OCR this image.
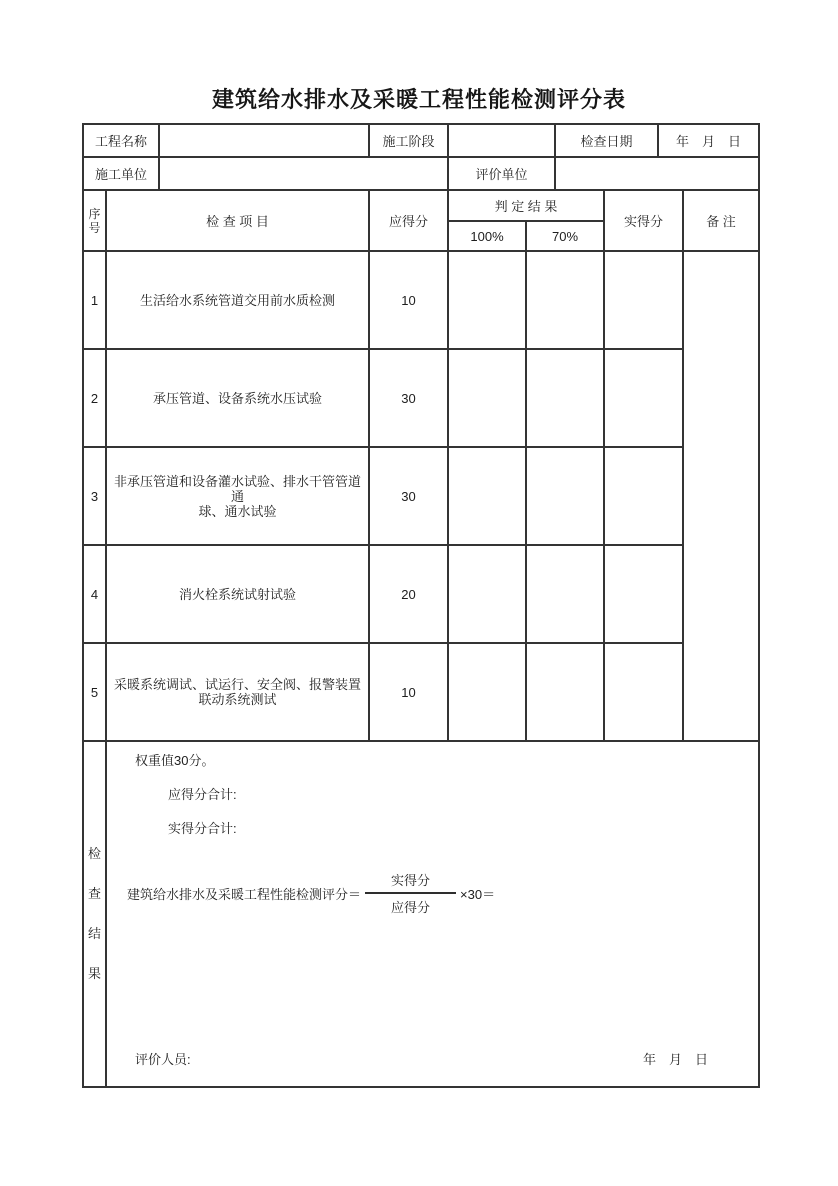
建筑给水排水及采暖工程性能检测评分表
工程名称		施工阶段		检查日期	年　月　日
施工单位			评价单位		
序号	检 查 项 目	应得分	判 定 结 果		实得分	备 注
			100%	70%		
1	生活给水系统管道交用前水质检测	10				
2	承压管道、设备系统水压试验	30				
3	非承压管道和设备灌水试验、排水干管管道
通
球、通水试验	30				
4	消火栓系统试射试验	20				
5	采暖系统调试、试运行、安全阀、报警装置
联动系统测试	10				
检查结果	
权重值30分。
应得分合计:
实得分合计:
建筑给水排水及采暖工程性能检测评分＝ $\frac{\text{实得分}}{\text{应得分}} \times 30=$
评价人员:	年　月　日
